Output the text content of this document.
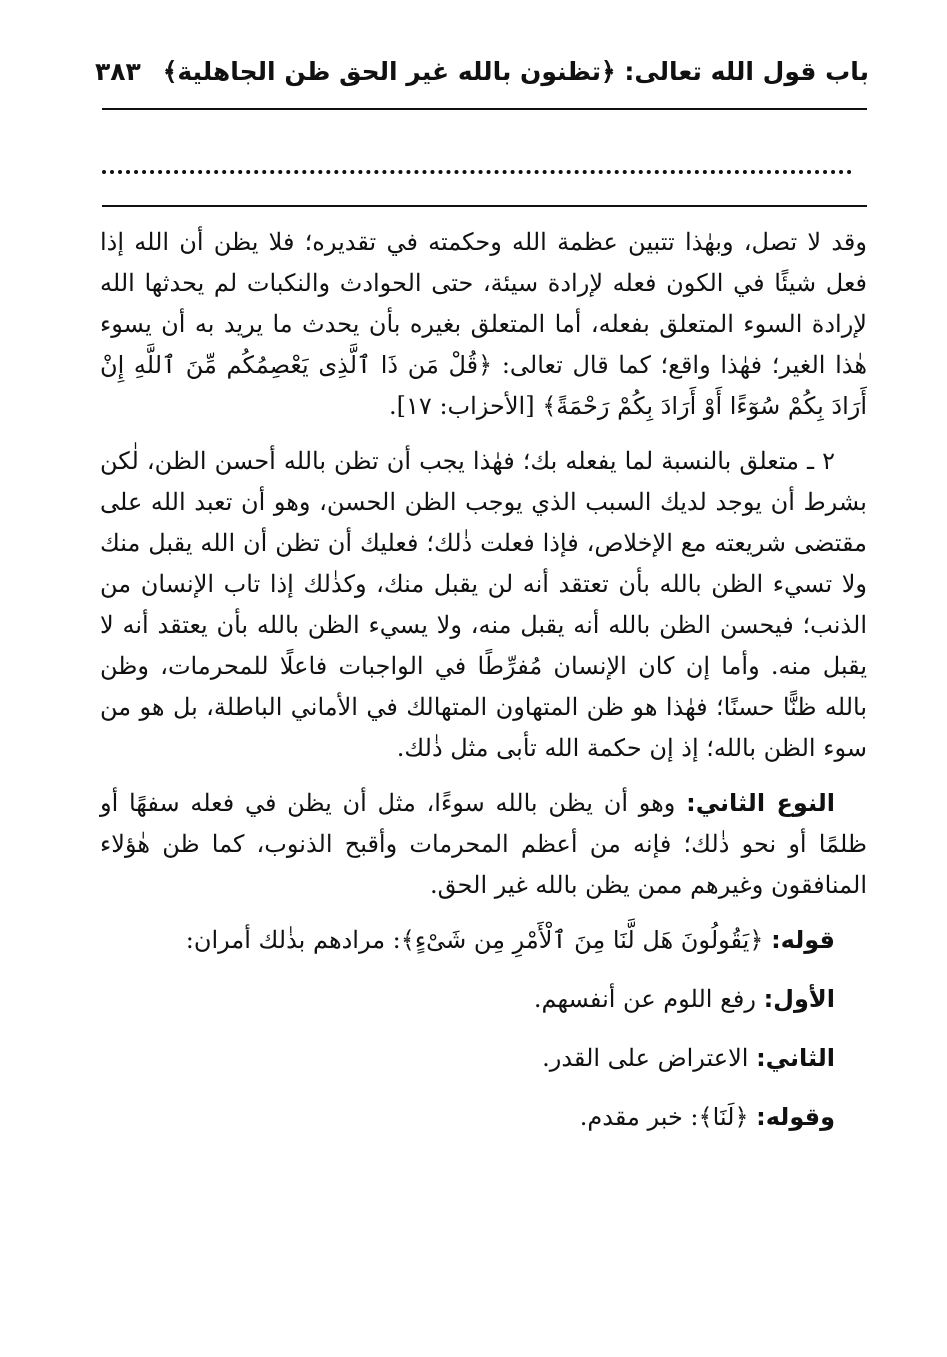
باب قول الله تعالى: ﴿تظنون بالله غير الحق ظن الجاهلية﴾
٣٨٣

وقد لا تصل، وبهٰذا تتبين عظمة الله وحكمته في تقديره؛ فلا يظن أن الله إذا فعل شيئًا في الكون فعله لإرادة سيئة، حتى الحوادث والنكبات لم يحدثها الله لإرادة السوء المتعلق بفعله، أما المتعلق بغيره بأن يحدث ما يريد به أن يسوء هٰذا الغير؛ فهٰذا واقع؛ كما قال تعالى: ﴿قُلْ مَن ذَا ٱلَّذِى يَعْصِمُكُم مِّنَ ٱللَّهِ إِنْ أَرَادَ بِكُمْ سُوٓءًا أَوْ أَرَادَ بِكُمْ رَحْمَةً﴾ [الأحزاب: ١٧].

٢ ـ متعلق بالنسبة لما يفعله بك؛ فهٰذا يجب أن تظن بالله أحسن الظن، لٰكن بشرط أن يوجد لديك السبب الذي يوجب الظن الحسن، وهو أن تعبد الله على مقتضى شريعته مع الإخلاص، فإذا فعلت ذٰلك؛ فعليك أن تظن أن الله يقبل منك ولا تسيء الظن بالله بأن تعتقد أنه لن يقبل منك، وكذٰلك إذا تاب الإنسان من الذنب؛ فيحسن الظن بالله أنه يقبل منه، ولا يسيء الظن بالله بأن يعتقد أنه لا يقبل منه. وأما إن كان الإنسان مُفرِّطًا في الواجبات فاعلًا للمحرمات، وظن بالله ظنًّا حسنًا؛ فهٰذا هو ظن المتهاون المتهالك في الأماني الباطلة، بل هو من سوء الظن بالله؛ إذ إن حكمة الله تأبى مثل ذٰلك.

النوع الثاني: وهو أن يظن بالله سوءًا، مثل أن يظن في فعله سفهًا أو ظلمًا أو نحو ذٰلك؛ فإنه من أعظم المحرمات وأقبح الذنوب، كما ظن هٰؤلاء المنافقون وغيرهم ممن يظن بالله غير الحق.

قوله: ﴿يَقُولُونَ هَل لَّنَا مِنَ ٱلْأَمْرِ مِن شَىْءٍ﴾: مرادهم بذٰلك أمران:

الأول: رفع اللوم عن أنفسهم.

الثاني: الاعتراض على القدر.

وقوله: ﴿لَنَا﴾: خبر مقدم.
